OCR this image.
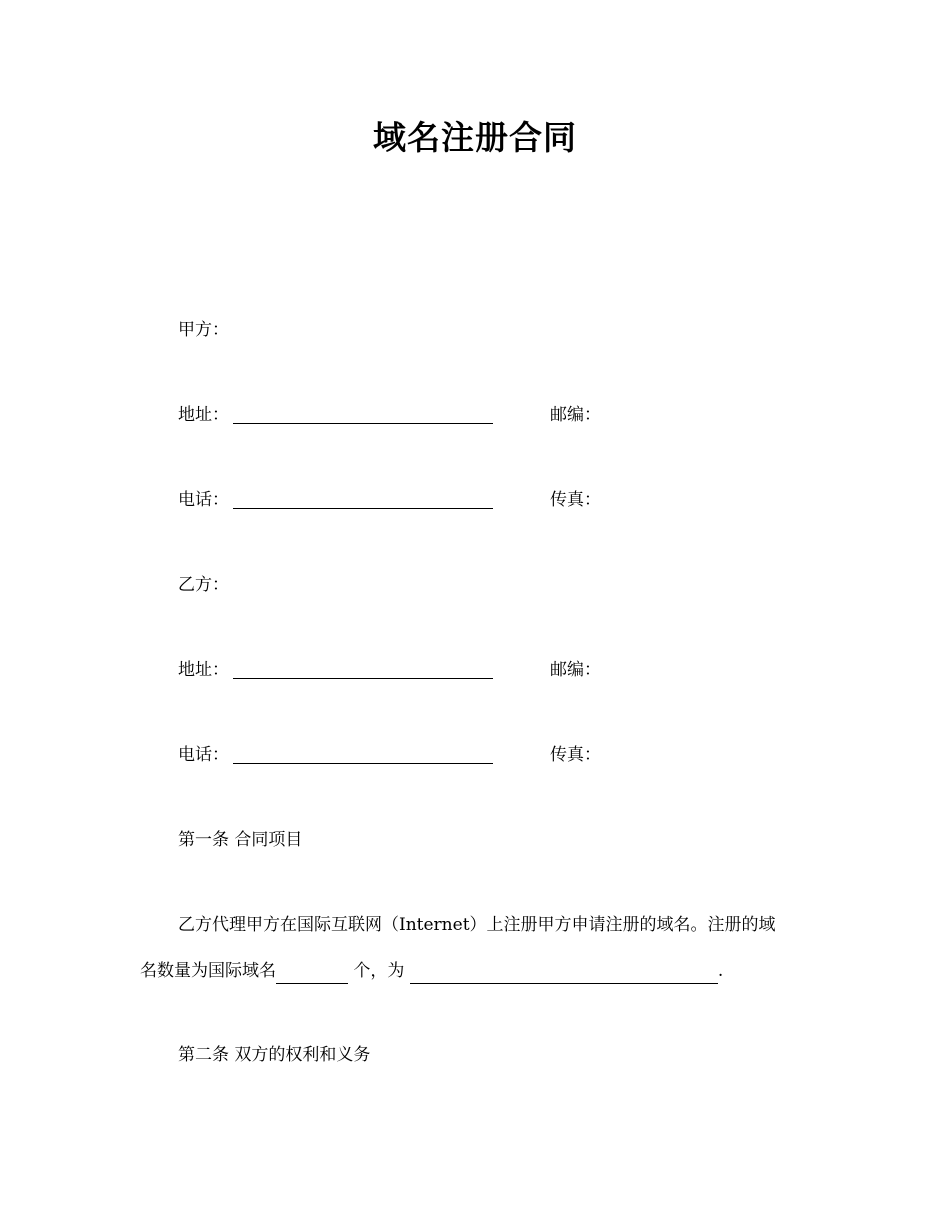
域名注册合同
甲方：
地址：	邮编：
电话：	传真：
乙方：
地址：	邮编：
电话：	传真：
第一条 合同项目
乙方代理甲方在国际互联网（Internet）上注册甲方申请注册的域名。注册的域
名数量为国际域名	个，为	.
第二条 双方的权利和义务
